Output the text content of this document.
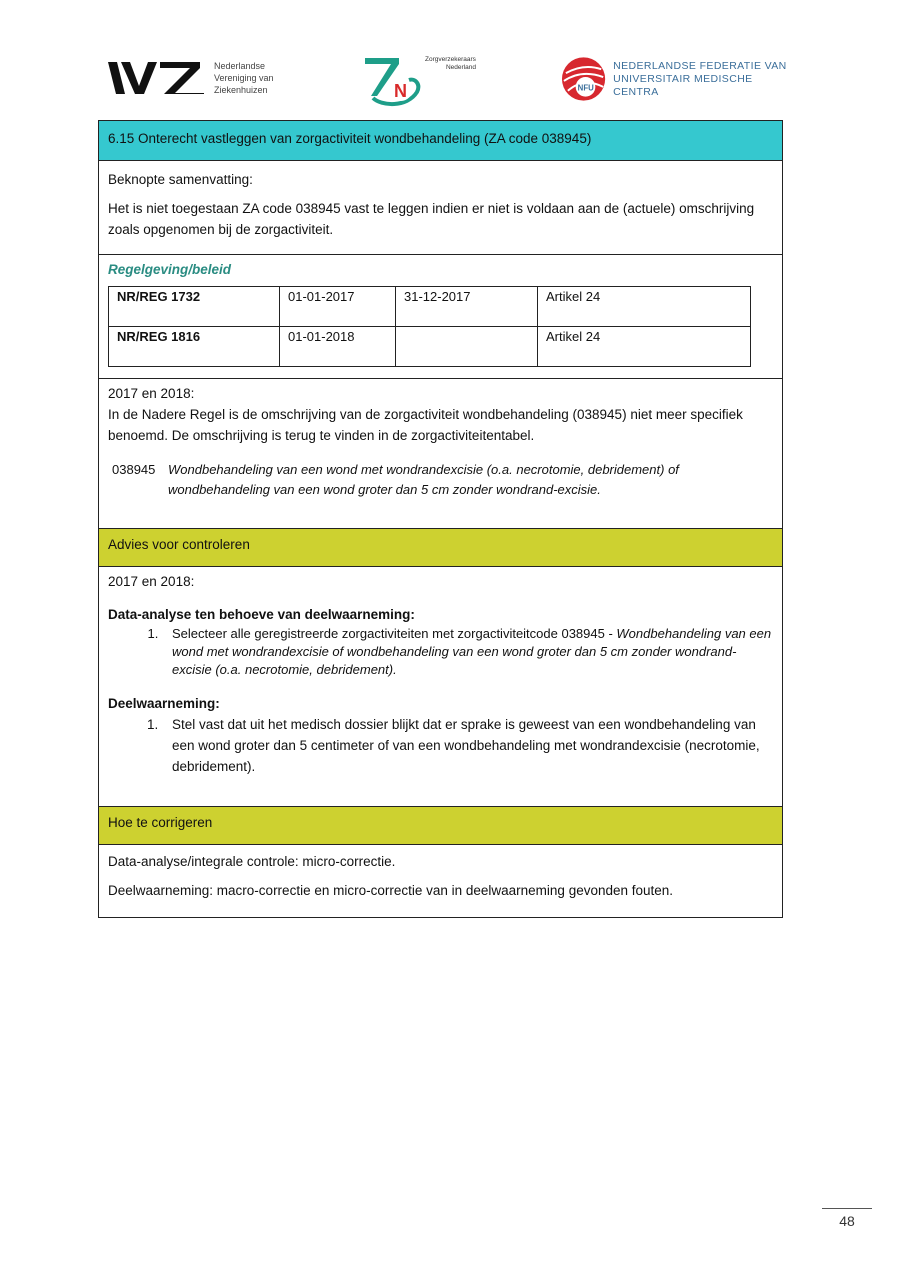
Nederlandse
Vereniging van
Ziekenhuizen	N
Zorgverzekeraars
Nederland
NFU
NEDERLANDSE FEDERATIE VAN
UNIVERSITAIR MEDISCHE CENTRA
6.15 Onterecht vastleggen van zorgactiviteit wondbehandeling (ZA code 038945)

Beknopte samenvatting:

Het is niet toegestaan ZA code 038945 vast te leggen indien er niet is voldaan aan de (actuele) omschrijving zoals opgenomen bij de zorgactiviteit.

Regelgeving/beleid
NR/REG 1732	01-01-2017	31-12-2017	Artikel 24
NR/REG 1816	01-01-2018		Artikel 24

2017 en 2018:

In de Nadere Regel is de omschrijving van de zorgactiviteit wondbehandeling (038945) niet meer specifiek benoemd. De omschrijving is terug te vinden in de zorgactiviteitentabel.

038945 Wondbehandeling van een wond met wondrandexcisie (o.a. necrotomie, debridement) of wondbehandeling van een wond groter dan 5 cm zonder wondrand-excisie.
Advies voor controleren

2017 en 2018:

Data-analyse ten behoeve van deelwaarneming:

1. Selecteer alle geregistreerde zorgactiviteiten met zorgactiviteitcode 038945 - Wondbehandeling van een wond met wondrandexcisie of wondbehandeling van een wond groter dan 5 cm zonder wondrand-excisie (o.a. necrotomie, debridement).

Deelwaarneming:

1. Stel vast dat uit het medisch dossier blijkt dat er sprake is geweest van een wondbehandeling van een wond groter dan 5 centimeter of van een wondbehandeling met wondrandexcisie (necrotomie, debridement).
Hoe te corrigeren

Data-analyse/integrale controle: micro-correctie.

Deelwaarneming: macro-correctie en micro-correctie van in deelwaarneming gevonden fouten.

48
